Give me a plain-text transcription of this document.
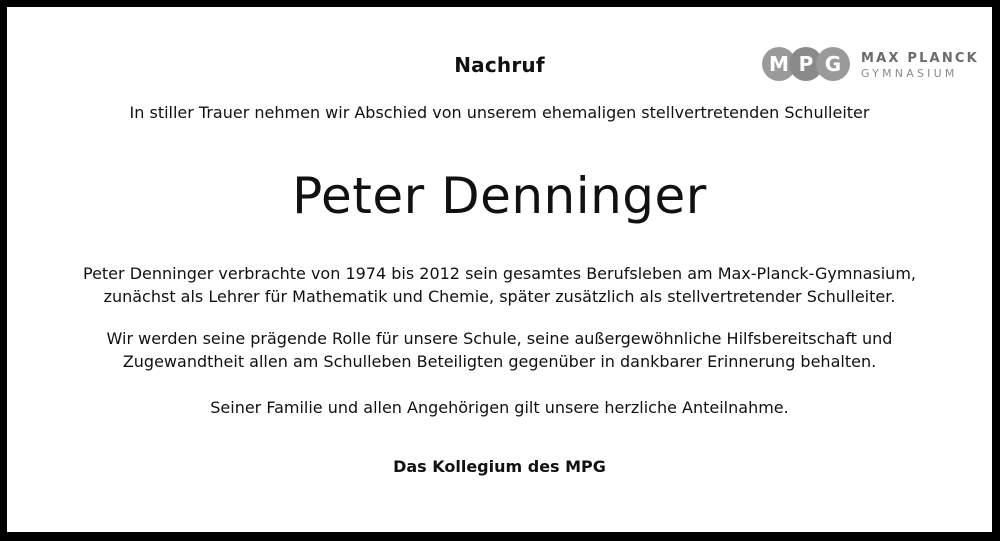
M P G MAX PLANCK
GYMNASIUM
Nachruf
In stiller Trauer nehmen wir Abschied von unserem ehemaligen stellvertretenden Schulleiter
Peter Denninger
Peter Denninger verbrachte von 1974 bis 2012 sein gesamtes Berufsleben am Max-Planck-Gymnasium,
zunächst als Lehrer für Mathematik und Chemie, später zusätzlich als stellvertretender Schulleiter.
Wir werden seine prägende Rolle für unsere Schule, seine außergewöhnliche Hilfsbereitschaft und
Zugewandtheit allen am Schulleben Beteiligten gegenüber in dankbarer Erinnerung behalten.
Seiner Familie und allen Angehörigen gilt unsere herzliche Anteilnahme.
Das Kollegium des MPG
